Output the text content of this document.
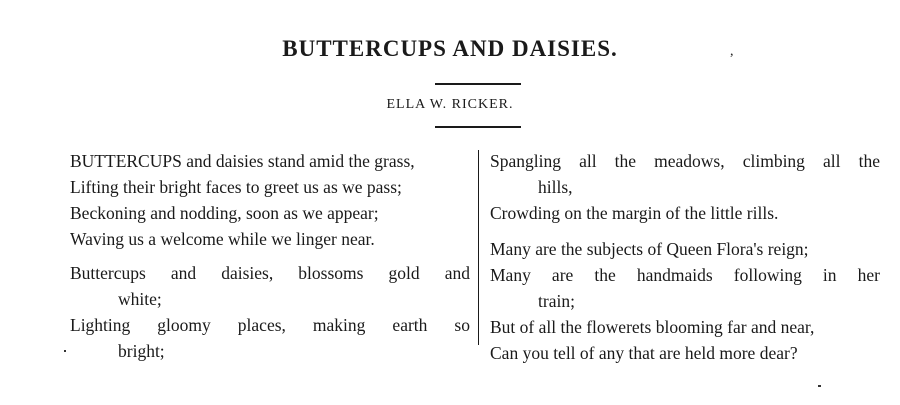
BUTTERCUPS AND DAISIES.	,
ELLA W. RICKER.
BUTTERCUPS and daisies stand amid the grass,
Lifting their bright faces to greet us as we pass;
Beckoning and nodding, soon as we appear;
Waving us a welcome while we linger near.
Buttercups and daisies, blossoms gold and
white;
Lighting gloomy places, making earth so
bright;
Spangling all the meadows, climbing all the
hills,
Crowding on the margin of the little rills.
Many are the subjects of Queen Flora's reign;
Many are the handmaids following in her
train;
But of all the flowerets blooming far and near,
Can you tell of any that are held more dear?
